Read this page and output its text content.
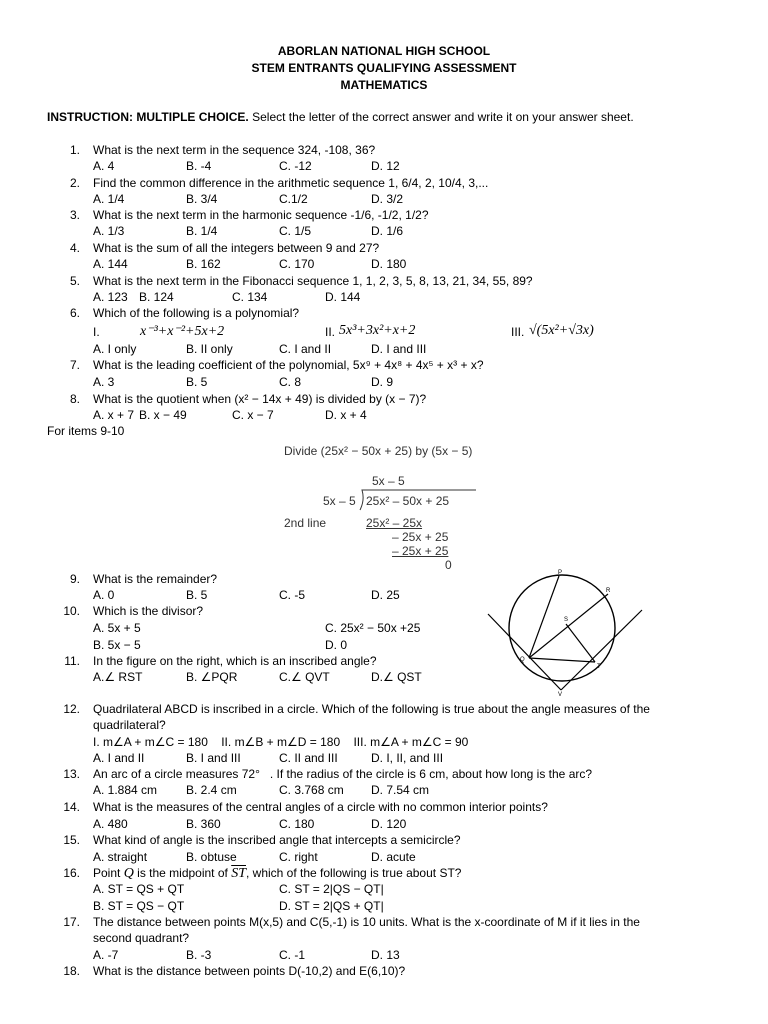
ABORLAN NATIONAL HIGH SCHOOL
STEM ENTRANTS QUALIFYING ASSESSMENT
MATHEMATICS
INSTRUCTION: MULTIPLE CHOICE. Select the letter of the correct answer and write it on your answer sheet.
1. What is the next term in the sequence 324, -108, 36?
A. 4	B. -4	C. -12	D. 12
2. Find the common difference in the arithmetic sequence 1, 6/4, 2, 10/4, 3,...
A. 1/4	B. 3/4	C.1/2	D. 3/2
3. What is the next term in the harmonic sequence -1/6, -1/2, 1/2?
A. 1/3	B. 1/4	C. 1/5	D. 1/6
4. What is the sum of all the integers between 9 and 27?
A. 144	B. 162	C. 170	D. 180
5. What is the next term in the Fibonacci sequence 1, 1, 2, 3, 5, 8, 13, 21, 34, 55, 89?
A. 123 B. 124	C. 134	D. 144
6. Which of the following is a polynomial?
I.	x⁻³+x⁻²+5x+2	II. 5x³+3x²+x+2	III. √(5x²+√3x)
A. I only	B. II only	C. I and II	D. I and III
7. What is the leading coefficient of the polynomial, 5x⁹ + 4x⁸ + 4x⁵ + x³ + x?
A. 3	B. 5	C. 8	D. 9
8. What is the quotient when (x² − 14x + 49) is divided by (x − 7)?
A. x + 7 B. x − 49	C. x − 7	D. x + 4
For items 9-10
Divide (25x² − 50x + 25) by (5x − 5)
5x – 5
5x – 5 25x² – 50x + 25
2nd line	25x² – 25x
– 25x + 25
– 25x + 25
0
9. What is the remainder?
A. 0	B. 5	C. -5	D. 25
10. Which is the divisor?
A. 5x + 5	C. 25x² − 50x +25
B. 5x − 5	D. 0
11. In the figure on the right, which is an inscribed angle?
A.∠ RST	B. ∠PQR	C.∠ QVT	D.∠ QST
P
R
S
Q
T
V
12. Quadrilateral ABCD is inscribed in a circle. Which of the following is true about the angle measures of the
quadrilateral?
I. m∠A + m∠C = 180    II. m∠B + m∠D = 180    III. m∠A + m∠C = 90
A. I and II	B. I and III	C. II and III	D. I, II, and III
13. An arc of a circle measures 72°   . If the radius of the circle is 6 cm, about how long is the arc?
A. 1.884 cm B. 2.4 cm	C. 3.768 cm D. 7.54 cm
14. What is the measures of the central angles of a circle with no common interior points?
A. 480	B. 360	C. 180	D. 120
15. What kind of angle is the inscribed angle that intercepts a semicircle?
A. straight	B. obtuse	C. right	D. acute
16. Point Q is the midpoint of $\overline{ST}$, which of the following is true about ST?
A. ST = QS + QT	C. ST = 2|QS − QT|
B. ST = QS − QT	D. ST = 2|QS + QT|
17. The distance between points M(x,5) and C(5,-1) is 10 units. What is the x-coordinate of M if it lies in the
second quadrant?
A. -7	B. -3	C. -1	D. 13
18. What is the distance between points D(-10,2) and E(6,10)?
